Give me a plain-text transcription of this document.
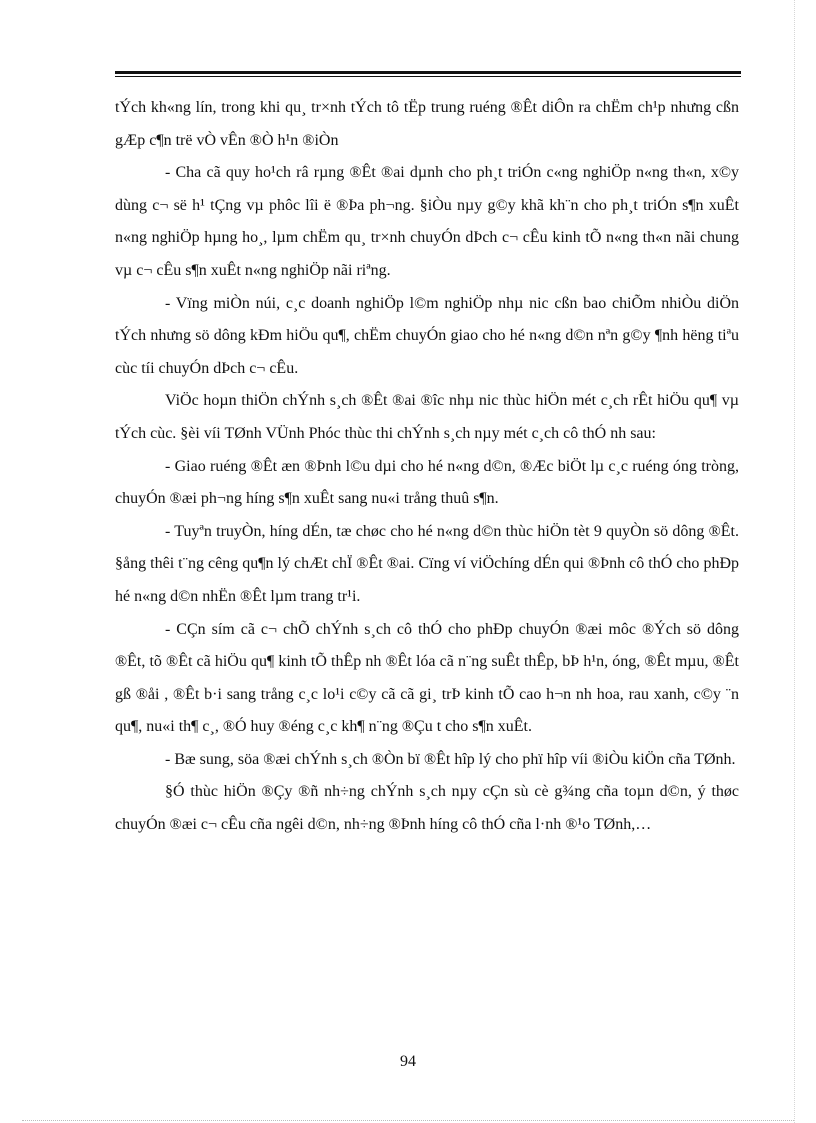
tÝch kh«ng lín, trong khi qu¸ tr×nh tÝch tô tËp trung ruéng ®Êt diÔn ra chËm ch¹p nhưng cßn gÆp c¶n trë vÒ vÊn ®Ò h¹n ®iÒn

- Cha cã quy ho¹ch râ rµng ®Êt ®ai dµnh cho ph¸t triÓn c«ng nghiÖp n«ng th«n, x©y dùng c¬ së h¹ tÇng vµ phôc lîi ë ®Þa ph¬ng. §iÒu nµy g©y khã kh¨n cho ph¸t triÓn s¶n xuÊt n«ng nghiÖp hµng ho¸, lµm chËm qu¸ tr×nh chuyÓn dÞch c¬ cÊu kinh tÕ n«ng th«n nãi chung vµ c¬ cÊu s¶n xuÊt n«ng nghiÖp nãi riªng.

- Vïng miÒn núi, c¸c doanh nghiÖp l©m nghiÖp nhµ nic cßn bao chiÕm nhiÒu diÖn tÝch nhưng sö dông kÐm hiÖu qu¶, chËm chuyÓn giao cho hé n«ng d©n nªn g©y ¶nh hëng tiªu cùc tíi chuyÓn dÞch c¬ cÊu.

ViÖc hoµn thiÖn chÝnh s¸ch ®Êt ®ai ®îc nhµ nic thùc hiÖn mét c¸ch rÊt hiÖu qu¶ vµ tÝch cùc. §èi víi TØnh VÜnh Phóc thùc thi chÝnh s¸ch nµy mét c¸ch cô thÓ nh sau:

- Giao ruéng ®Êt æn ®Þnh l©u dµi cho hé n«ng d©n, ®Æc biÖt lµ c¸c ruéng óng tròng, chuyÓn ®æi ph¬ng híng s¶n xuÊt sang nu«i trång thuû s¶n.

- Tuyªn truyÒn, híng dÉn, tæ chøc cho hé n«ng d©n thùc hiÖn tèt 9 quyÒn sö dông ®Êt. §ång thêi t¨ng cêng qu¶n lý chÆt chÏ ®Êt ®ai. Cïng ví viÖchíng dÉn qui ®Þnh cô thÓ cho phÐp hé n«ng d©n nhËn ®Êt lµm trang tr¹i.

- CÇn sím cã c¬ chÕ chÝnh s¸ch cô thÓ cho phÐp chuyÓn ®æi môc ®Ých sö dông ®Êt, tõ ®Êt cã hiÖu qu¶ kinh tÕ thÊp nh ®Êt lóa cã n¨ng suÊt thÊp, bÞ h¹n, óng, ®Êt mµu, ®Êt gß ®åi , ®Êt b·i sang trång c¸c lo¹i c©y cã cã gi¸ trÞ kinh tÕ cao h¬n nh hoa, rau xanh, c©y ¨n qu¶, nu«i th¶ c¸, ®Ó huy ®éng c¸c kh¶ n¨ng ®Çu t cho s¶n xuÊt.

- Bæ sung, söa ®æi chÝnh s¸ch ®Òn bï ®Êt hîp lý cho phï hîp víi ®iÒu kiÖn cña TØnh.

§Ó thùc hiÖn ®Çy ®ñ nh÷ng chÝnh s¸ch nµy cÇn sù cè g¾ng cña toµn d©n, ý thøc chuyÓn ®æi c¬ cÊu cña ngêi d©n, nh÷ng ®Þnh híng cô thÓ cña l·nh ®¹o TØnh,…

94
